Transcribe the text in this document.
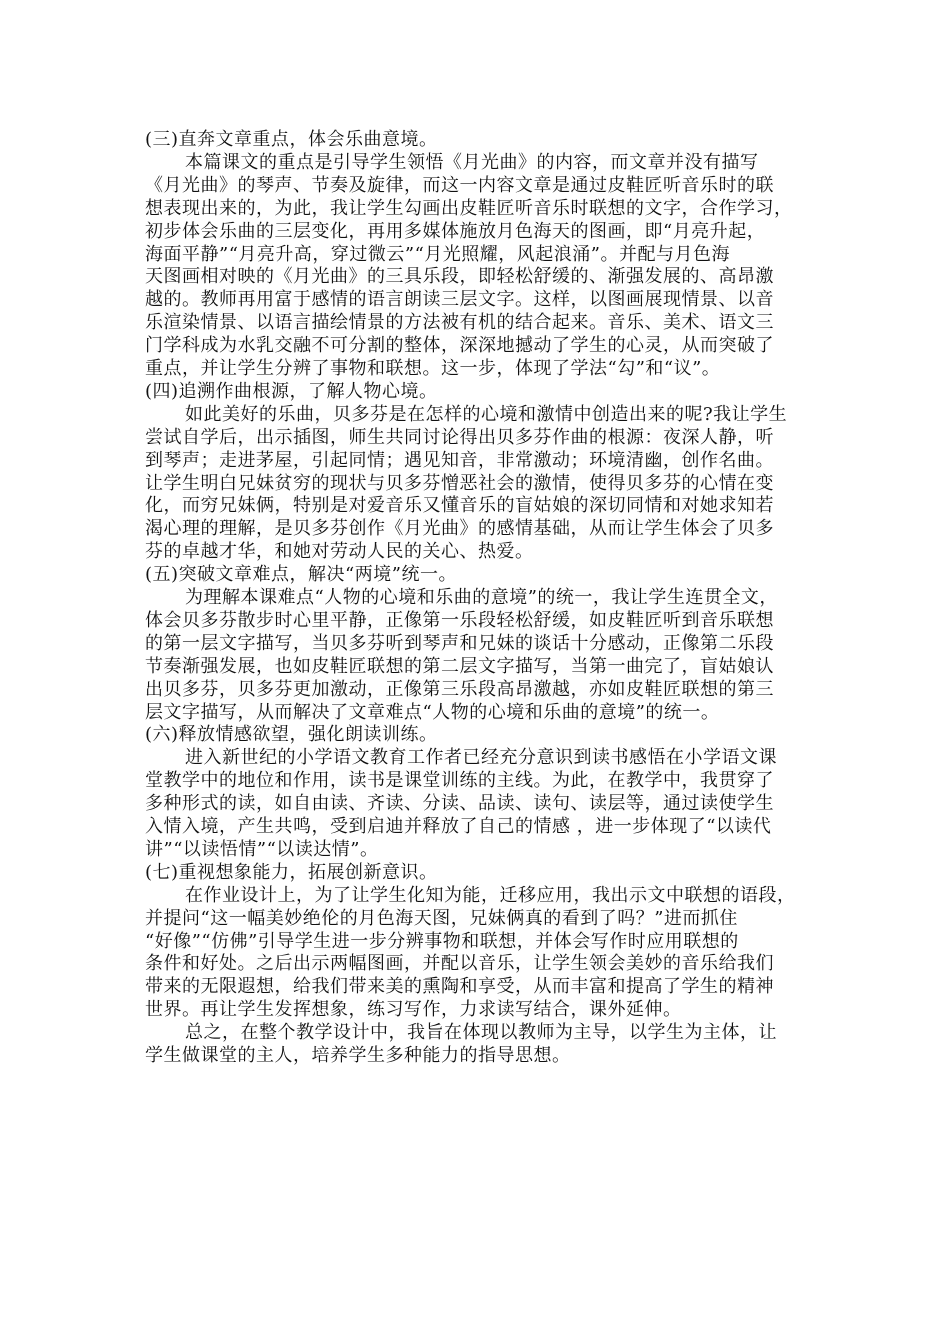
(三)直奔文章重点，体会乐曲意境。
本篇课文的重点是引导学生领悟《月光曲》的内容，而文章并没有描写
《月光曲》的琴声、节奏及旋律，而这一内容文章是通过皮鞋匠听音乐时的联
想表现出来的，为此，我让学生勾画出皮鞋匠听音乐时联想的文字，合作学习，
初步体会乐曲的三层变化，再用多媒体施放月色海天的图画，即“月亮升起，
海面平静”“月亮升高，穿过微云”“月光照耀，风起浪涌”。并配与月色海
天图画相对映的《月光曲》的三具乐段，即轻松舒缓的、渐强发展的、高昂激
越的。教师再用富于感情的语言朗读三层文字。这样，以图画展现情景、以音
乐渲染情景、以语言描绘情景的方法被有机的结合起来。音乐、美术、语文三
门学科成为水乳交融不可分割的整体，深深地撼动了学生的心灵，从而突破了
重点，并让学生分辨了事物和联想。这一步，体现了学法“勾”和“议”。
(四)追溯作曲根源，了解人物心境。
如此美好的乐曲，贝多芬是在怎样的心境和激情中创造出来的呢?我让学生
尝试自学后，出示插图，师生共同讨论得出贝多芬作曲的根源：夜深人静，听
到琴声；走进茅屋，引起同情；遇见知音，非常激动；环境清幽，创作名曲。
让学生明白兄妹贫穷的现状与贝多芬憎恶社会的激情，使得贝多芬的心情在变
化，而穷兄妹俩，特别是对爱音乐又懂音乐的盲姑娘的深切同情和对她求知若
渴心理的理解，是贝多芬创作《月光曲》的感情基础，从而让学生体会了贝多
芬的卓越才华，和她对劳动人民的关心、热爱。
(五)突破文章难点，解决“两境”统一。
为理解本课难点“人物的心境和乐曲的意境”的统一，我让学生连贯全文，
体会贝多芬散步时心里平静，正像第一乐段轻松舒缓，如皮鞋匠听到音乐联想
的第一层文字描写，当贝多芬听到琴声和兄妹的谈话十分感动，正像第二乐段
节奏渐强发展，也如皮鞋匠联想的第二层文字描写，当第一曲完了，盲姑娘认
出贝多芬，贝多芬更加激动，正像第三乐段高昂激越，亦如皮鞋匠联想的第三
层文字描写，从而解决了文章难点“人物的心境和乐曲的意境”的统一。
(六)释放情感欲望，强化朗读训练。
进入新世纪的小学语文教育工作者已经充分意识到读书感悟在小学语文课
堂教学中的地位和作用，读书是课堂训练的主线。为此，在教学中，我贯穿了
多种形式的读，如自由读、齐读、分读、品读、读句、读层等，通过读使学生
入情入境，产生共鸣，受到启迪并释放了自己的情感 ，进一步体现了“以读代
讲”“以读悟情”“以读达情”。
(七)重视想象能力，拓展创新意识。
在作业设计上，为了让学生化知为能，迁移应用，我出示文中联想的语段，
并提问“这一幅美妙绝伦的月色海天图，兄妹俩真的看到了吗？”进而抓住
“好像”“仿佛”引导学生进一步分辨事物和联想，并体会写作时应用联想的
条件和好处。之后出示两幅图画，并配以音乐，让学生领会美妙的音乐给我们
带来的无限遐想，给我们带来美的熏陶和享受，从而丰富和提高了学生的精神
世界。再让学生发挥想象，练习写作，力求读写结合，课外延伸。
总之，在整个教学设计中，我旨在体现以教师为主导，以学生为主体，让
学生做课堂的主人，培养学生多种能力的指导思想。
